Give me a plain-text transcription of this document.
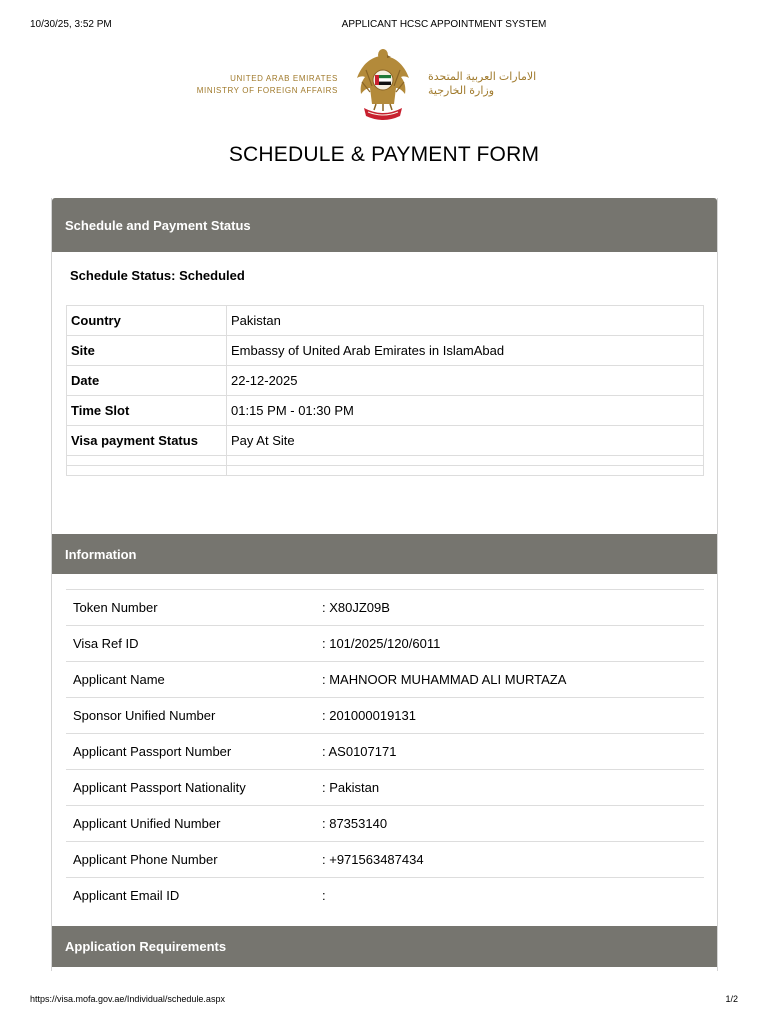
10/30/25, 3:52 PM	APPLICANT HCSC APPOINTMENT SYSTEM
UNITED ARAB EMIRATES
MINISTRY OF FOREIGN AFFAIRS
الامارات العربية المتحدة
وزارة الخارجية
SCHEDULE & PAYMENT FORM
Schedule and Payment Status
Schedule Status: Scheduled
Country	Pakistan
Site	Embassy of United Arab Emirates in IslamAbad
Date	22-12-2025
Time Slot	01:15 PM - 01:30 PM
Visa payment Status	Pay At Site

Information
Token Number	: X80JZ09B
Visa Ref ID	: 101/2025/120/6011
Applicant Name	: MAHNOOR MUHAMMAD ALI MURTAZA
Sponsor Unified Number	: 201000019131
Applicant Passport Number	: AS0107171
Applicant Passport Nationality	: Pakistan
Applicant Unified Number	: 87353140
Applicant Phone Number	: +971563487434
Applicant Email ID	:
Application Requirements
https://visa.mofa.gov.ae/Individual/schedule.aspx	1/2
